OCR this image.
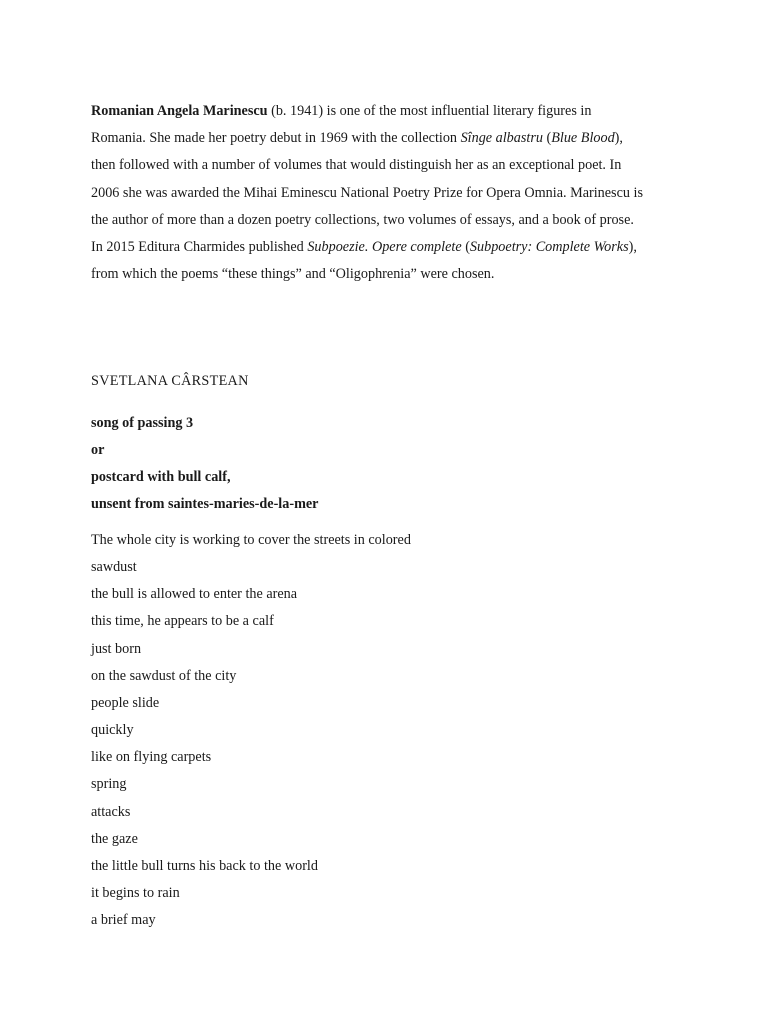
Romanian Angela Marinescu (b. 1941) is one of the most influential literary figures in
Romania. She made her poetry debut in 1969 with the collection Sînge albastru (Blue Blood),
then followed with a number of volumes that would distinguish her as an exceptional poet. In
2006 she was awarded the Mihai Eminescu National Poetry Prize for Opera Omnia. Marinescu is
the author of more than a dozen poetry collections, two volumes of essays, and a book of prose.
In 2015 Editura Charmides published Subpoezie. Opere complete (Subpoetry: Complete Works),
from which the poems “these things” and “Oligophrenia” were chosen.
SVETLANA CÂRSTEAN
song of passing 3
or
postcard with bull calf,
unsent from saintes-maries-de-la-mer
The whole city is working to cover the streets in colored
sawdust
the bull is allowed to enter the arena
this time, he appears to be a calf
just born
on the sawdust of the city
people slide
quickly
like on flying carpets
spring
attacks
the gaze
the little bull turns his back to the world
it begins to rain
a brief may
